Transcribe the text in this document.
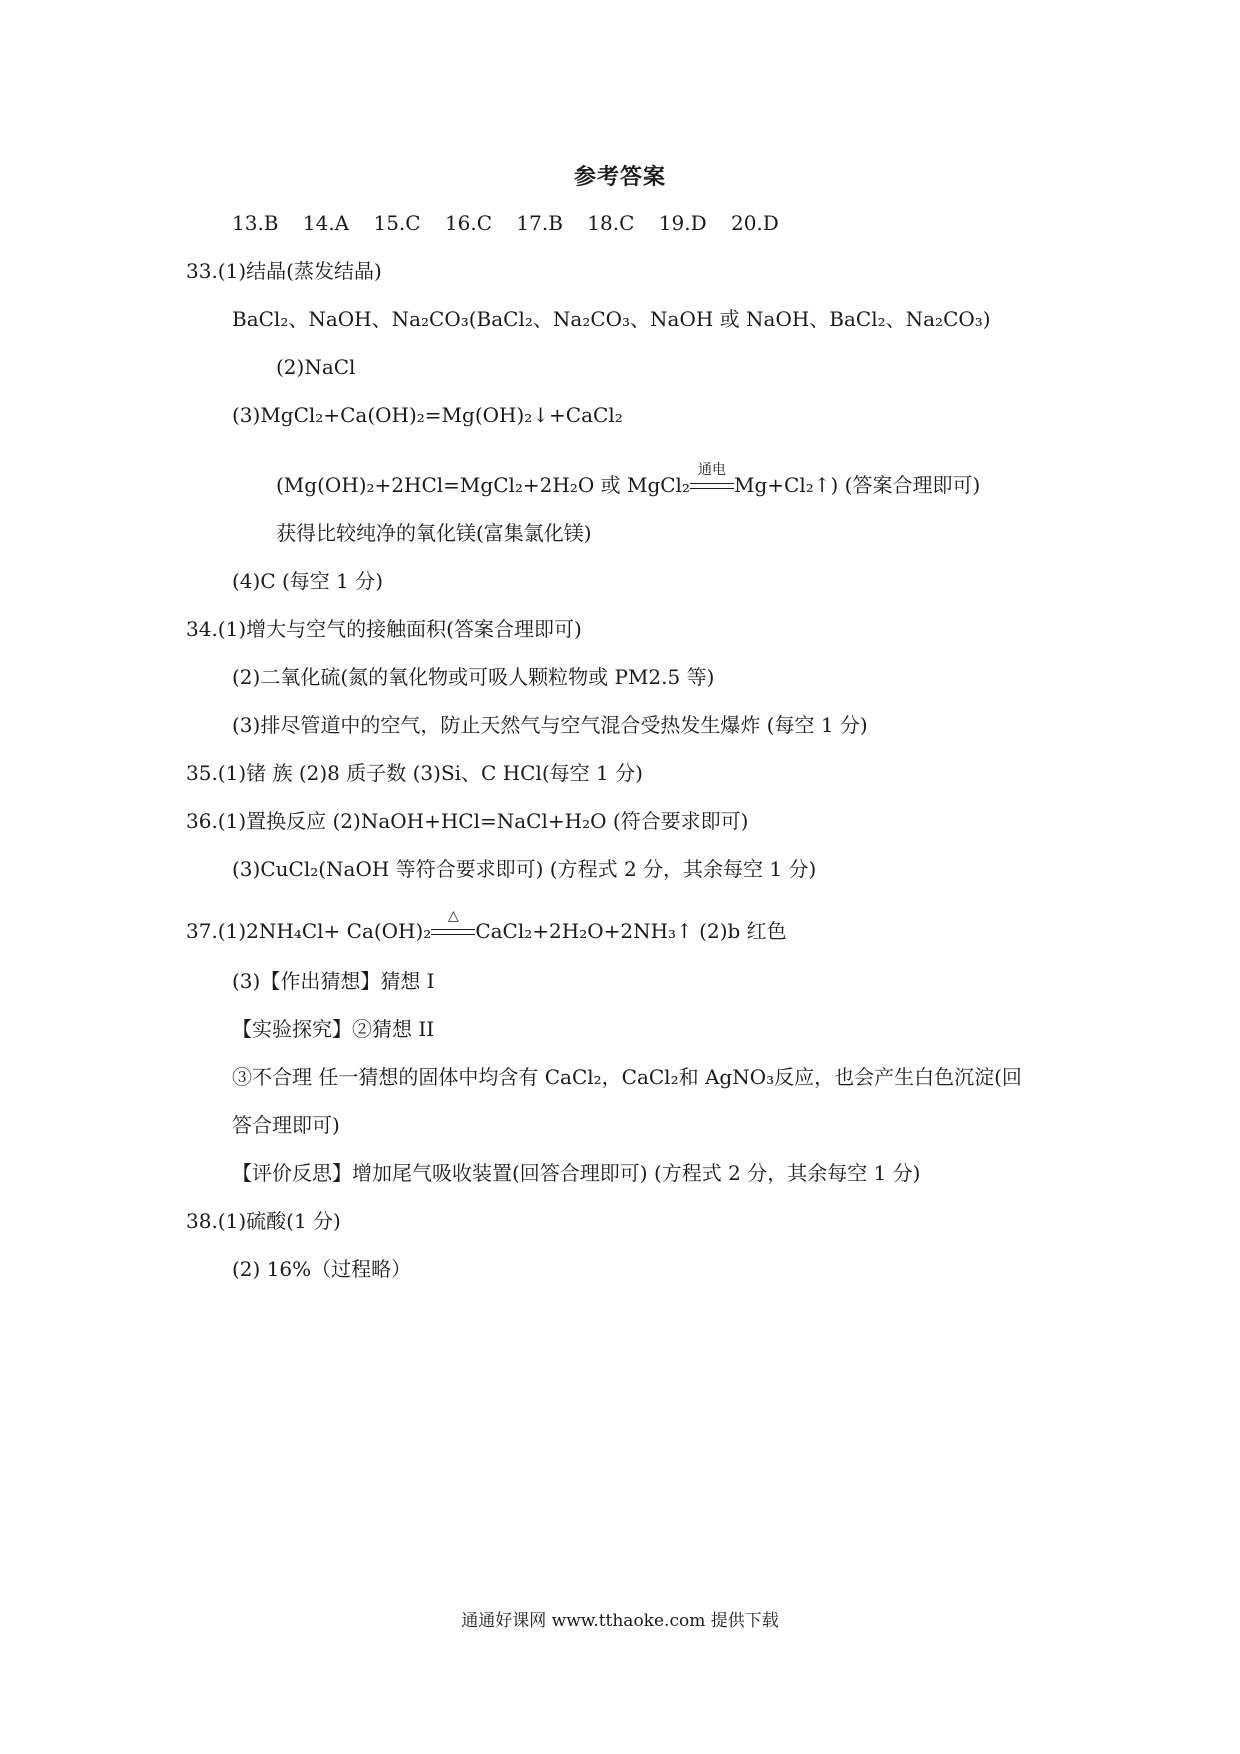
参考答案
13.B 14.A 15.C 16.C 17.B 18.C 19.D 20.D
33.(1)结晶(蒸发结晶)
BaCl₂、NaOH、Na₂CO₃(BaCl₂、Na₂CO₃、NaOH 或 NaOH、BaCl₂、Na₂CO₃)
(2)NaCl
(3)MgCl₂+Ca(OH)₂=Mg(OH)₂↓+CaCl₂
(Mg(OH)₂+2HCl=MgCl₂+2H₂O 或 MgCl₂
通电
Mg+Cl₂↑) (答案合理即可)
获得比较纯净的氧化镁(富集氯化镁)
(4)C (每空 1 分)
34.(1)增大与空气的接触面积(答案合理即可)
(2)二氧化硫(氮的氧化物或可吸人颗粒物或 PM2.5 等)
(3)排尽管道中的空气，防止天然气与空气混合受热发生爆炸 (每空 1 分)
35.(1)锗 族 (2)8 质子数 (3)Si、C HCl(每空 1 分)
36.(1)置换反应 (2)NaOH+HCl=NaCl+H₂O (符合要求即可)
(3)CuCl₂(NaOH 等符合要求即可) (方程式 2 分，其余每空 1 分)
37.(1)2NH₄Cl+ Ca(OH)₂
△
CaCl₂+2H₂O+2NH₃↑ (2)b 红色
(3)【作出猜想】猜想 I
【实验探究】②猜想 II
③不合理 任一猜想的固体中均含有 CaCl₂，CaCl₂和 AgNO₃反应，也会产生白色沉淀(回
答合理即可)
【评价反思】增加尾气吸收装置(回答合理即可) (方程式 2 分，其余每空 1 分)
38.(1)硫酸(1 分)
(2) 16%（过程略）
通通好课网 www.tthaoke.com 提供下载
